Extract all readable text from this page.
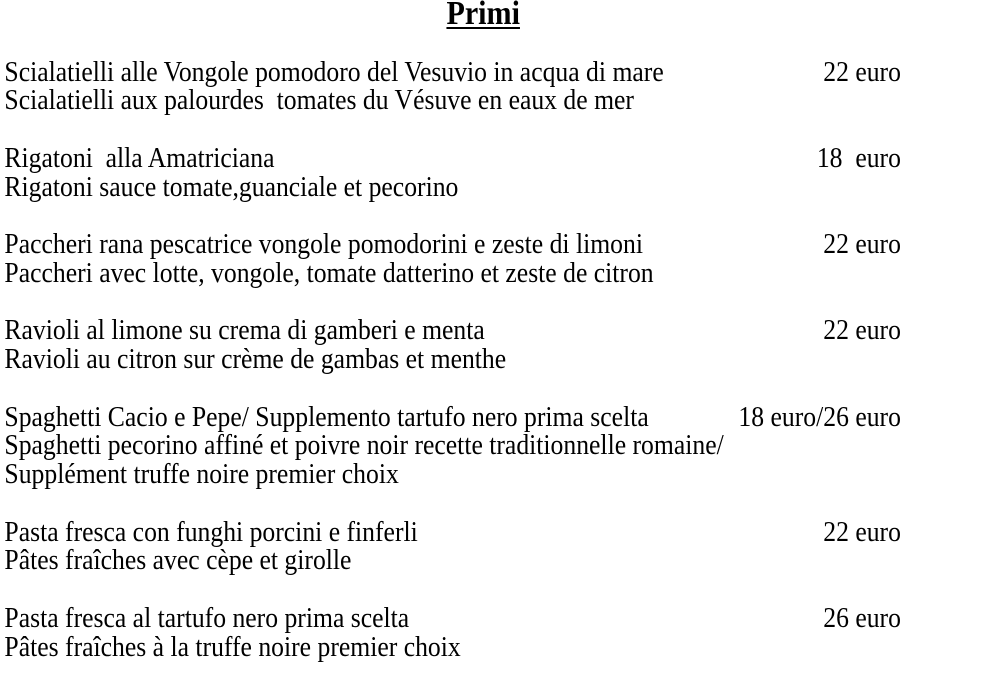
Primi
Scialatielli alle Vongole pomodoro del Vesuvio in acqua di mare	22 euro
Scialatielli aux palourdes  tomates du Vésuve en eaux de mer
Rigatoni  alla Amatriciana	18  euro
Rigatoni sauce tomate,guanciale et pecorino
Paccheri rana pescatrice vongole pomodorini e zeste di limoni	22 euro
Paccheri avec lotte, vongole, tomate datterino et zeste de citron
Ravioli al limone su crema di gamberi e menta	22 euro
Ravioli au citron sur crème de gambas et menthe
Spaghetti Cacio e Pepe/ Supplemento tartufo nero prima scelta	18 euro/26 euro
Spaghetti pecorino affiné et poivre noir recette traditionnelle romaine/
Supplément truffe noire premier choix
Pasta fresca con funghi porcini e finferli	22 euro
Pâtes fraîches avec cèpe et girolle
Pasta fresca al tartufo nero prima scelta	26 euro
Pâtes fraîches à la truffe noire premier choix
